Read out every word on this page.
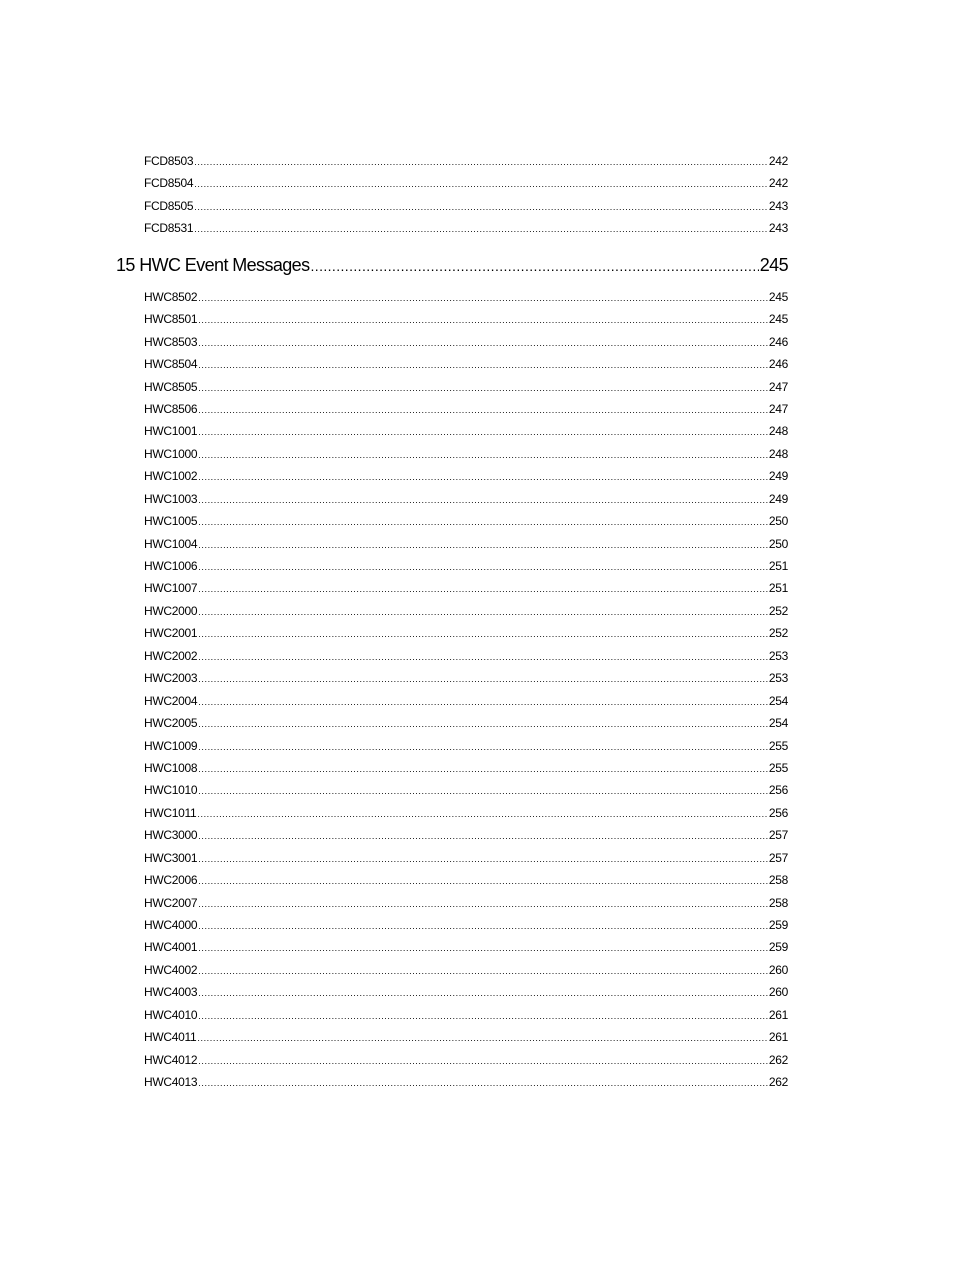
FCD8503 .....	242
FCD8504 .....	242
FCD8505 .....	243
FCD8531 .....	243
15 HWC Event Messages .....	245
HWC8502 .....	245
HWC8501 .....	245
HWC8503 .....	246
HWC8504 .....	246
HWC8505 .....	247
HWC8506 .....	247
HWC1001 .....	248
HWC1000 .....	248
HWC1002 .....	249
HWC1003 .....	249
HWC1005 .....	250
HWC1004 .....	250
HWC1006 .....	251
HWC1007 .....	251
HWC2000 .....	252
HWC2001 .....	252
HWC2002 .....	253
HWC2003 .....	253
HWC2004 .....	254
HWC2005 .....	254
HWC1009 .....	255
HWC1008 .....	255
HWC1010 .....	256
HWC1011 .....	256
HWC3000 .....	257
HWC3001 .....	257
HWC2006 .....	258
HWC2007 .....	258
HWC4000 .....	259
HWC4001 .....	259
HWC4002 .....	260
HWC4003 .....	260
HWC4010 .....	261
HWC4011 .....	261
HWC4012 .....	262
HWC4013 .....	262
